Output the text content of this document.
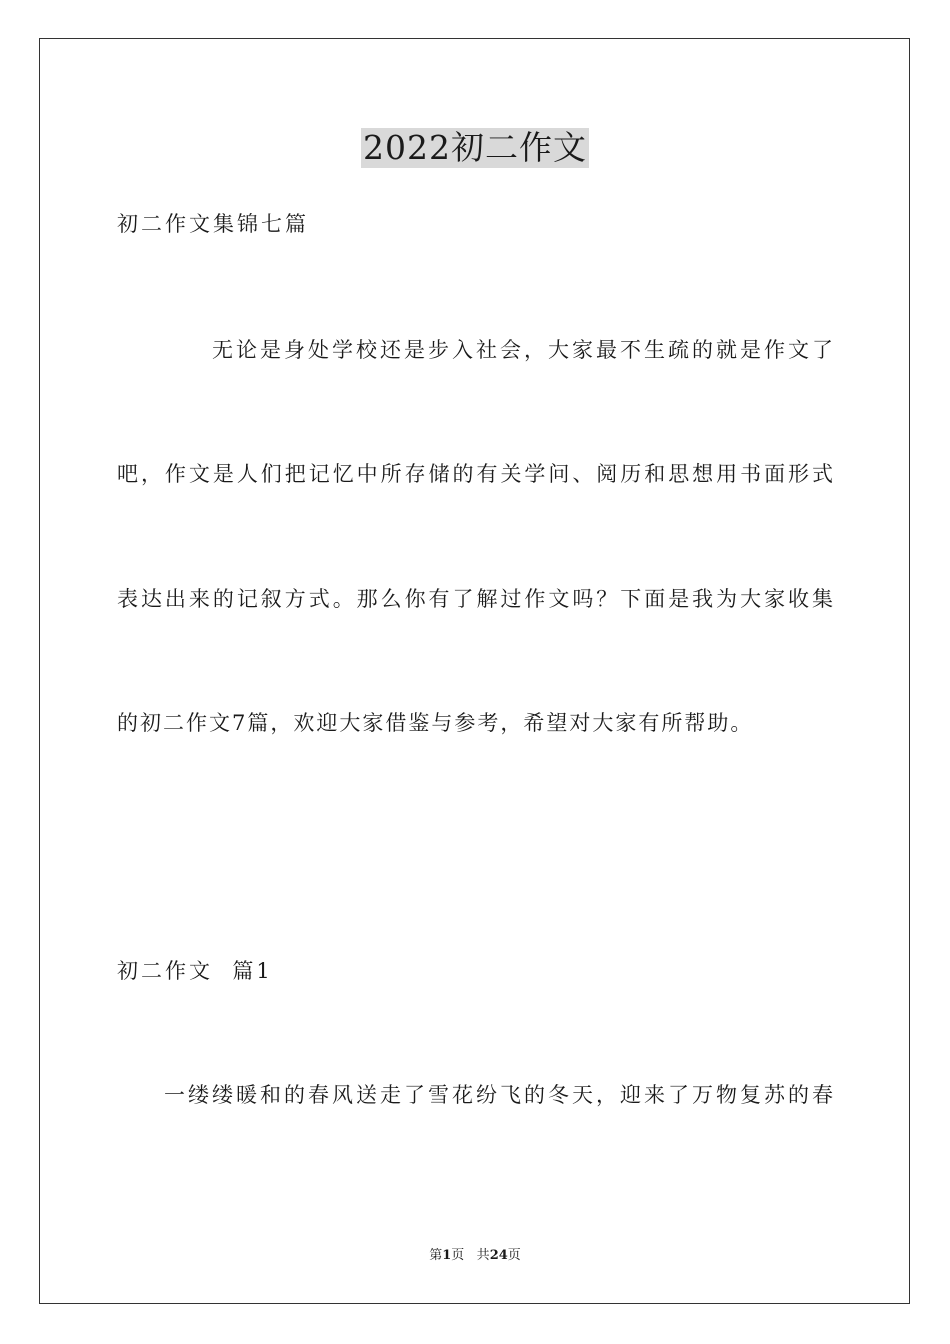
2022初二作文
初二作文集锦七篇
无论是身处学校还是步入社会，大家最不生疏的就是作文了
吧，作文是人们把记忆中所存储的有关学问、阅历和思想用书面形式
表达出来的记叙方式。那么你有了解过作文吗？下面是我为大家收集
的初二作文7篇，欢迎大家借鉴与参考，希望对大家有所帮助。
初二作文  篇1
一缕缕暖和的春风送走了雪花纷飞的冬天，迎来了万物复苏的春
第1页 共24页
